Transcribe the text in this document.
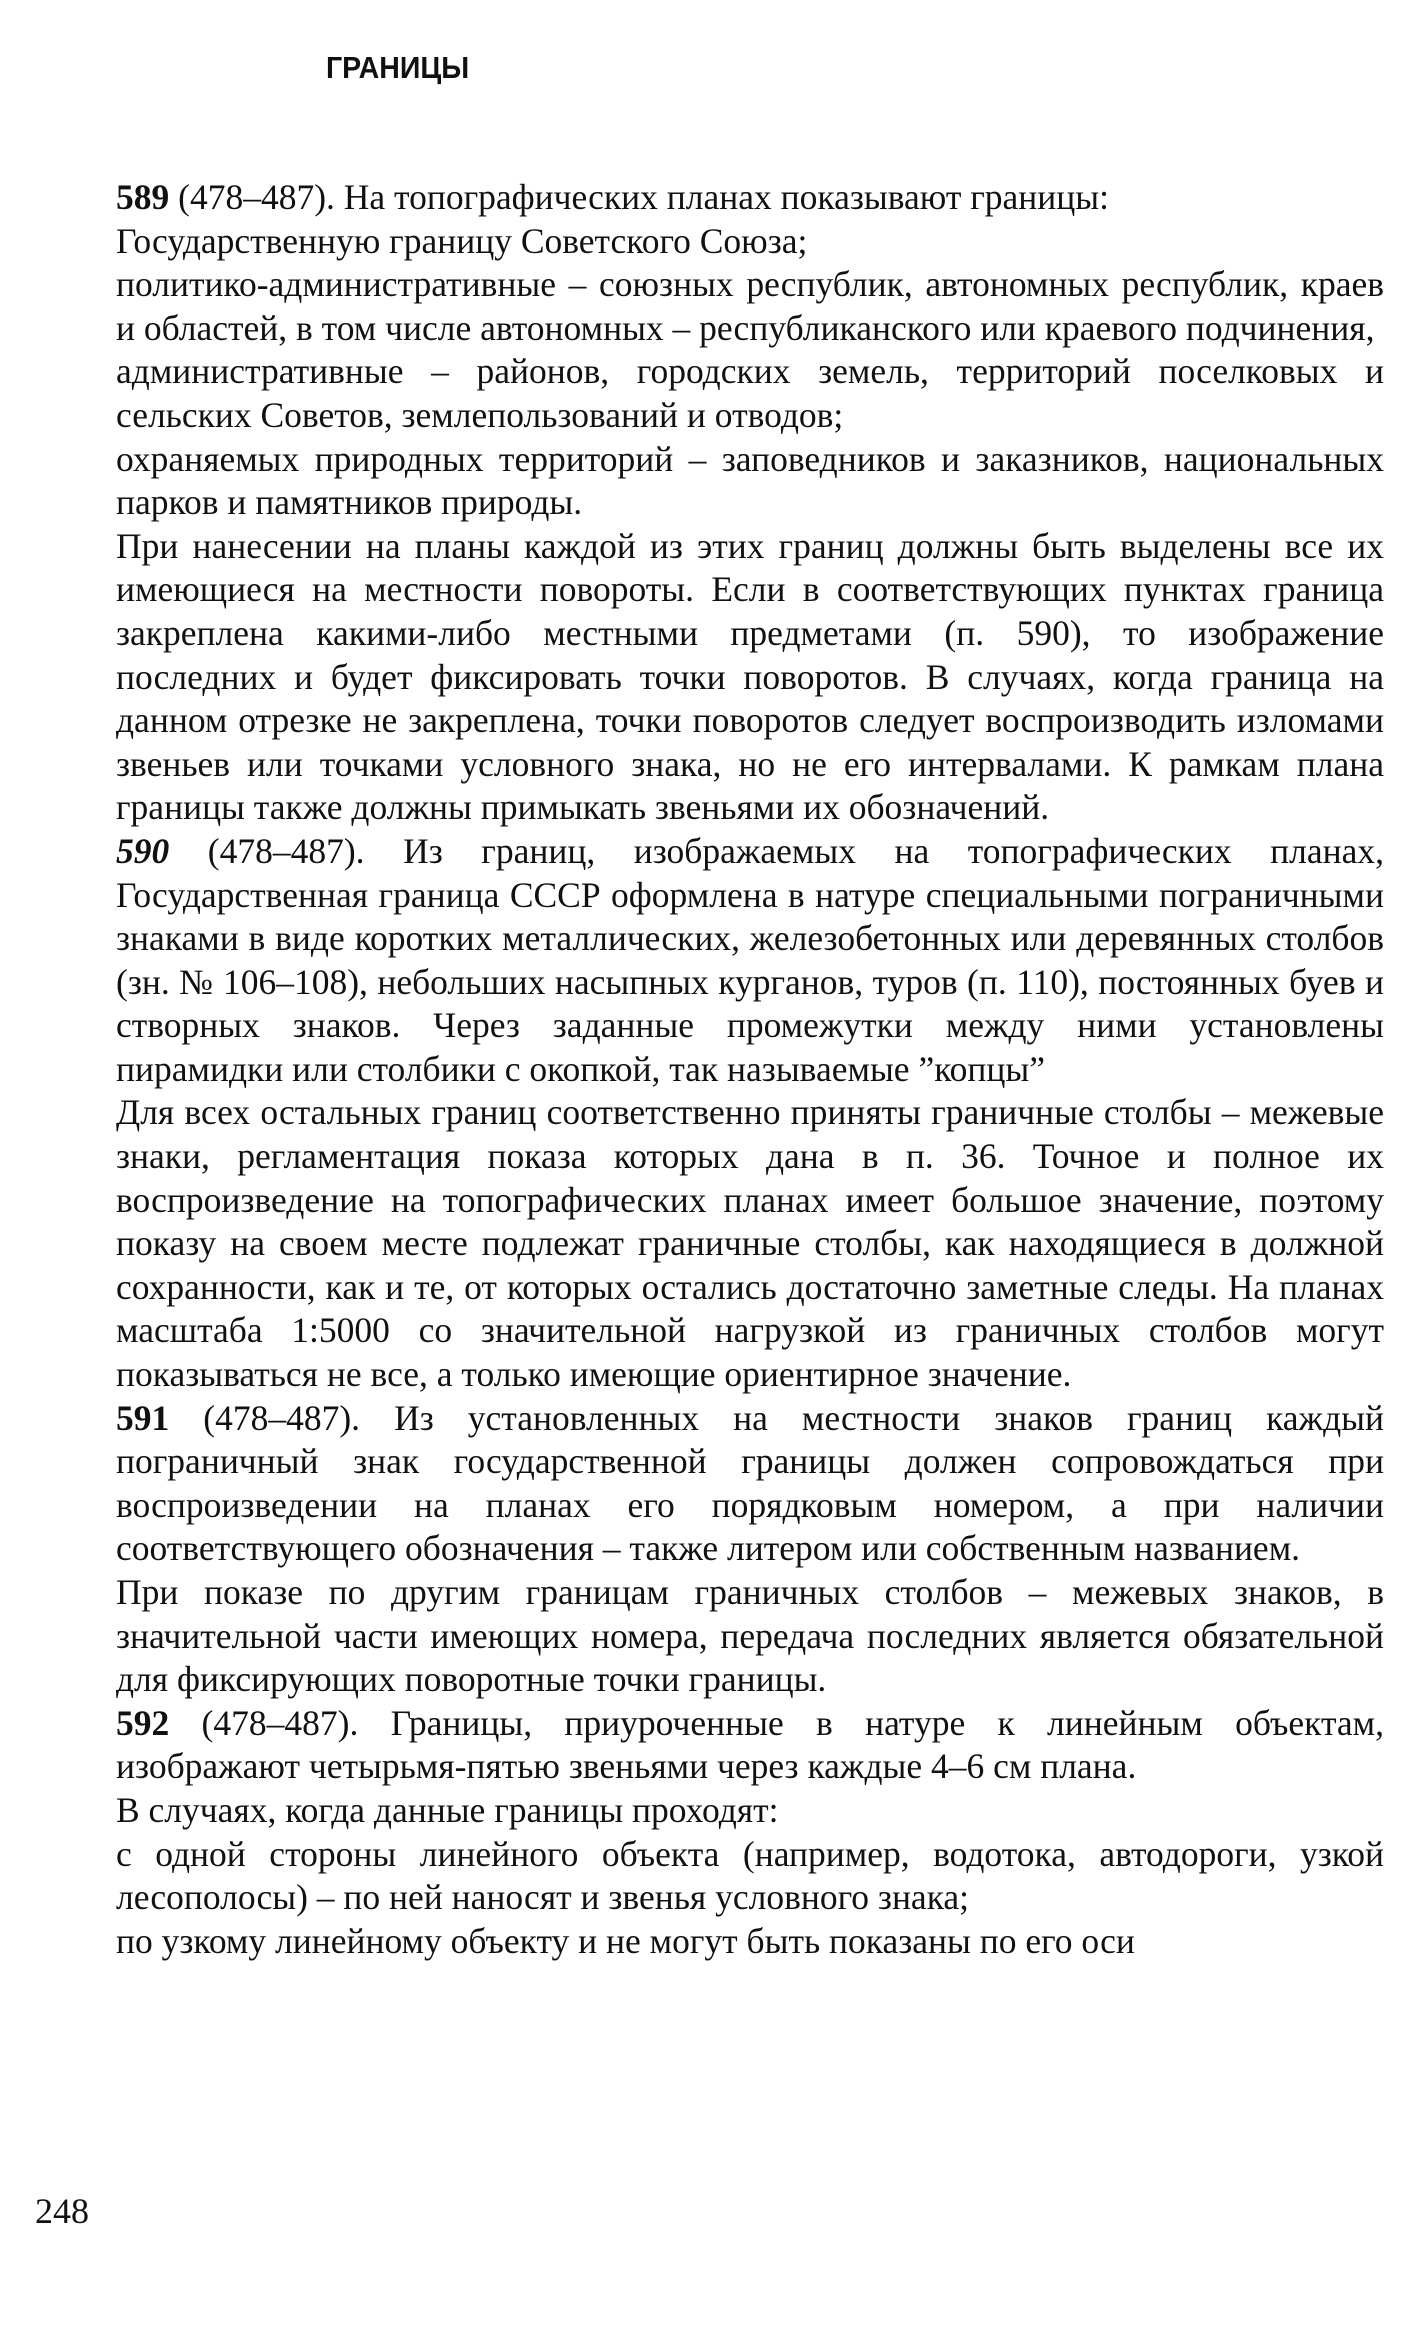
ГРАНИЦЫ

589 (478–487). На топографических планах показывают границы:

Государственную границу Советского Союза;

политико-административные – союзных республик, автономных республик, краев и областей, в том числе автономных – республиканского или краевого подчинения,

административные – районов, городских земель, территорий поселковых и сельских Советов, землепользований и отводов;

охраняемых природных территорий – заповедников и заказников, национальных парков и памятников природы.

При нанесении на планы каждой из этих границ должны быть выделены все их имеющиеся на местности повороты. Если в соответствующих пунктах граница закреплена какими-либо местными предметами (п. 590), то изображение последних и будет фиксировать точки поворотов. В случаях, когда граница на данном отрезке не закреплена, точки поворотов следует воспроизводить изломами звеньев или точками условного знака, но не его интервалами. К рамкам плана границы также должны примыкать звеньями их обозначений.

590 (478–487). Из границ, изображаемых на топографических планах, Государственная граница СССР оформлена в натуре специальными пограничными знаками в виде коротких металлических, железобетонных или деревянных столбов (зн. № 106–108), небольших насыпных курганов, туров (п. 110), постоянных буев и створных знаков. Через заданные промежутки между ними установлены пирамидки или столбики с окопкой, так называемые ”копцы”

Для всех остальных границ соответственно приняты граничные столбы – межевые знаки, регламентация показа которых дана в п. 36. Точное и полное их воспроизведение на топографических планах имеет большое значение, поэтому показу на своем месте подлежат граничные столбы, как находящиеся в должной сохранности, как и те, от которых остались достаточно заметные следы. На планах масштаба 1:5000 со значительной нагрузкой из граничных столбов могут показываться не все, а только имеющие ориентирное значение.

591 (478–487). Из установленных на местности знаков границ каждый пограничный знак государственной границы должен сопровождаться при воспроизведении на планах его порядковым номером, а при наличии соответствующего обозначения – также литером или собственным названием.

При показе по другим границам граничных столбов – межевых знаков, в значительной части имеющих номера, передача последних является обязательной для фиксирующих поворотные точки границы.

592 (478–487). Границы, приуроченные в натуре к линейным объектам, изображают четырьмя-пятью звеньями через каждые 4–6 см плана.

В случаях, когда данные границы проходят:

с одной стороны линейного объекта (например, водотока, автодороги, узкой лесополосы) – по ней наносят и звенья условного знака;

по узкому линейному объекту и не могут быть показаны по его оси

248
